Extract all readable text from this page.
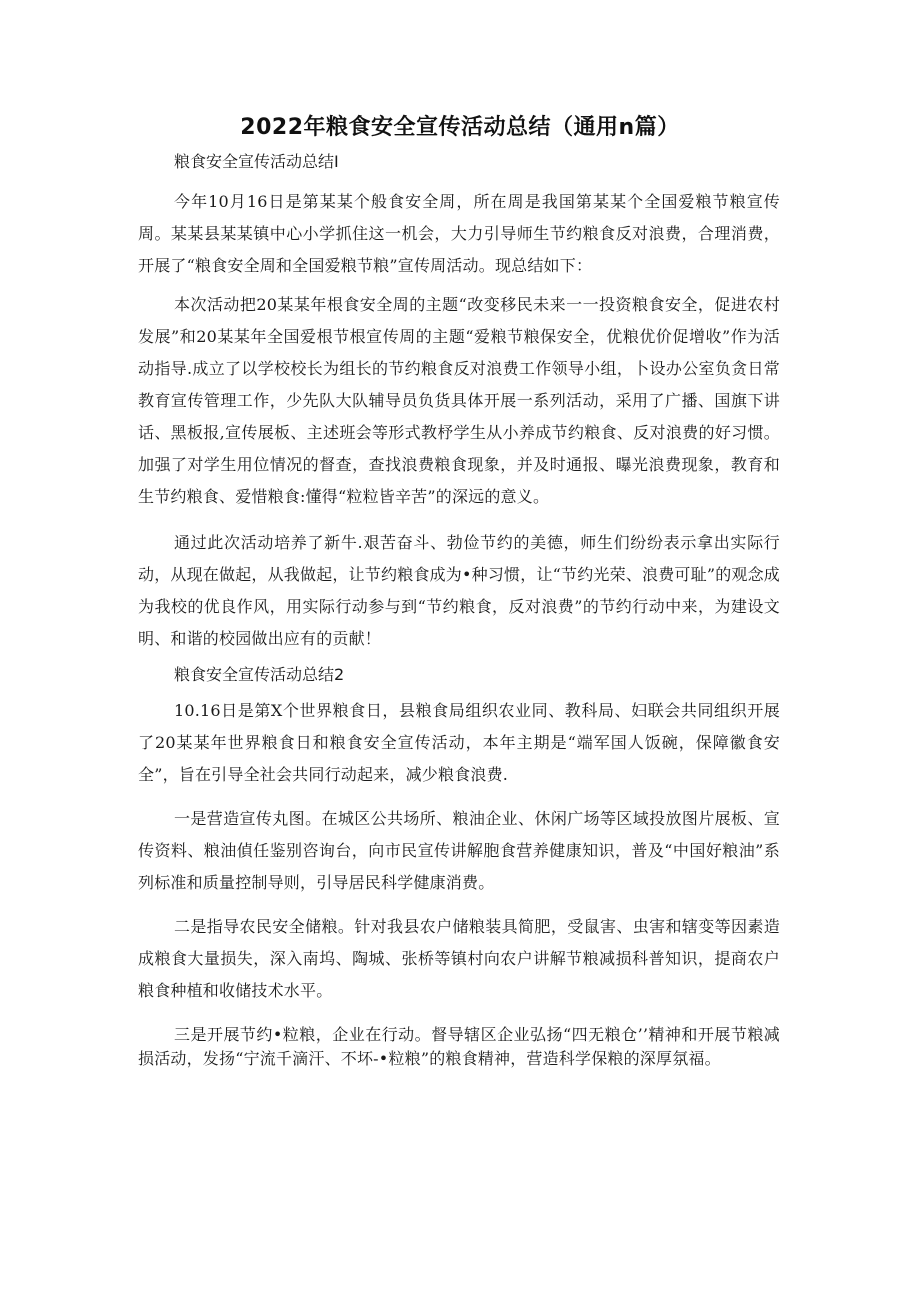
2022年粮食安全宣传活动总结（通用n篇）

粮食安全宣传活动总结I

今年10月16日是第某某个般食安全周，所在周是我国第某某个全国爱粮节粮宣传周。某某县某某镇中心小学抓住这一机会，大力引导师生节约粮食反对浪费，合理消费，开展了“粮食安全周和全国爱粮节粮”宣传周活动。现总结如下：

本次活动把20某某年根食安全周的主题“改变移民未来一一投资粮食安全，促进农村发展”和20某某年全国爱根节根宣传周的主题“爱粮节粮保安全，优粮优价促增收”作为活动指导.成立了以学校校长为组长的节约粮食反对浪费工作领导小组，卜设办公室负贪日常教育宣传管理工作，少先队大队辅导员负货具体开展一系列活动，采用了广播、国旗下讲话、黑板报,宣传展板、主述班会等形式教杼学生从小养成节约粮食、反对浪费的好习惯。加强了对学生用位情况的督查，查找浪费粮食现象，并及时通报、曝光浪费现象，教育和生节约粮食、爱惜粮食:懂得“粒粒皆辛苦”的深远的意义。

通过此次活动培养了新牛.艰苦奋斗、勃俭节约的美德，师生们纷纷表示拿出实际行动，从现在做起，从我做起，让节约粮食成为•种习惯，让“节约光荣、浪费可耻”的观念成为我校的优良作风，用实际行动参与到“节约粮食，反对浪费”的节约行动中来，为建设文明、和谐的校园做出应有的贡献！

粮食安全宣传活动总结2

10.16日是第X个世界粮食日，县粮食局组织农业同、教科局、妇联会共同组织开展了20某某年世界粮食日和粮食安全宣传活动，本年主期是“端军国人饭碗，保障徽食安全”，旨在引导全社会共同行动起来，减少粮食浪费.

一是营造宣传丸图。在城区公共场所、粮油企业、休闲广场等区域投放图片展板、宣传资料、粮油偵任鉴别咨询台，向市民宣传讲解胞食营养健康知识，普及“中国好粮油”系列标准和质量控制导则，引导居民科学健康消费。

二是指导农民安全储粮。针对我县农户储粮装具简肥，受鼠害、虫害和辖变等因素造成粮食大量损失，深入南坞、陶城、张桥等镇村向农户讲解节粮减损科普知识，提商农户粮食种植和收储技术水平。

三是开展节约•粒粮，企业在行动。督导辖区企业弘扬“四无粮仓’’精神和开展节粮减损活动，发扬“宁流千滴汗、不坏-•粒粮”的粮食精神，营造科学保粮的深厚氛福。
